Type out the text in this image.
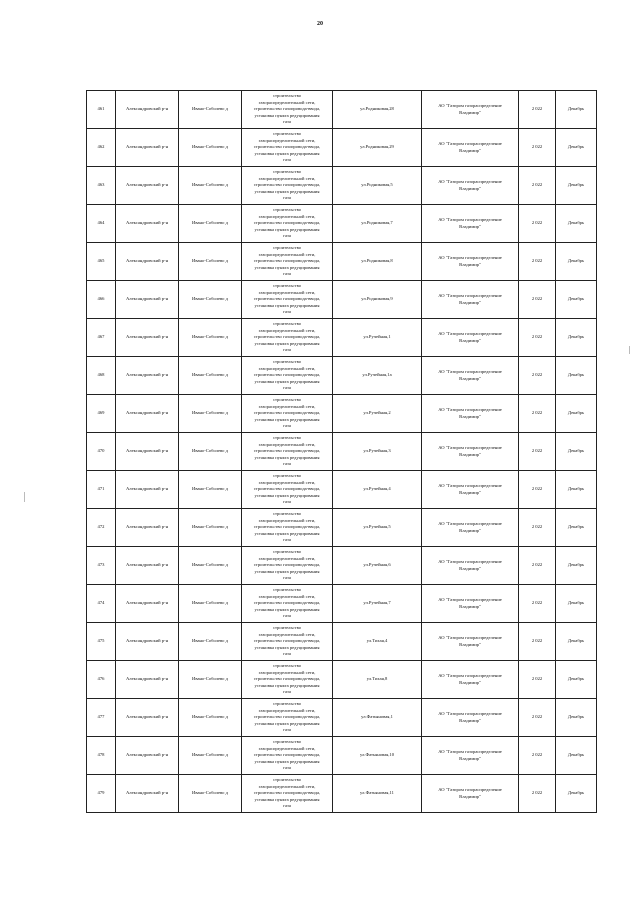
20
461	Александровский р-н	Ивано-Соболево д	строительство
газораспределительной сети,
строительство газопровода-ввода,
установка пункта редуцирования
газа	ул.Родниковая,28	АО "Газпром газораспределение
Владимир"	2 022	Декабрь
462	Александровский р-н	Ивано-Соболево д	строительство
газораспределительной сети,
строительство газопровода-ввода,
установка пункта редуцирования
газа	ул.Родниковая,29	АО "Газпром газораспределение
Владимир"	2 022	Декабрь
463	Александровский р-н	Ивано-Соболево д	строительство
газораспределительной сети,
строительство газопровода-ввода,
установка пункта редуцирования
газа	ул.Родниковая,5	АО "Газпром газораспределение
Владимир"	2 022	Декабрь
464	Александровский р-н	Ивано-Соболево д	строительство
газораспределительной сети,
строительство газопровода-ввода,
установка пункта редуцирования
газа	ул.Родниковая,7	АО "Газпром газораспределение
Владимир"	2 022	Декабрь
465	Александровский р-н	Ивано-Соболево д	строительство
газораспределительной сети,
строительство газопровода-ввода,
установка пункта редуцирования
газа	ул.Родниковая,8	АО "Газпром газораспределение
Владимир"	2 022	Декабрь
466	Александровский р-н	Ивано-Соболево д	строительство
газораспределительной сети,
строительство газопровода-ввода,
установка пункта редуцирования
газа	ул.Родниковая,9	АО "Газпром газораспределение
Владимир"	2 022	Декабрь
467	Александровский р-н	Ивано-Соболево д	строительство
газораспределительной сети,
строительство газопровода-ввода,
установка пункта редуцирования
газа	ул.Ручейная,1	АО "Газпром газораспределение
Владимир"	2 022	Декабрь
468	Александровский р-н	Ивано-Соболево д	строительство
газораспределительной сети,
строительство газопровода-ввода,
установка пункта редуцирования
газа	ул.Ручейная,1а	АО "Газпром газораспределение
Владимир"	2 022	Декабрь
469	Александровский р-н	Ивано-Соболево д	строительство
газораспределительной сети,
строительство газопровода-ввода,
установка пункта редуцирования
газа	ул.Ручейная,2	АО "Газпром газораспределение
Владимир"	2 022	Декабрь
470	Александровский р-н	Ивано-Соболево д	строительство
газораспределительной сети,
строительство газопровода-ввода,
установка пункта редуцирования
газа	ул.Ручейная,3	АО "Газпром газораспределение
Владимир"	2 022	Декабрь
471	Александровский р-н	Ивано-Соболево д	строительство
газораспределительной сети,
строительство газопровода-ввода,
установка пункта редуцирования
газа	ул.Ручейная,4	АО "Газпром газораспределение
Владимир"	2 022	Декабрь
472	Александровский р-н	Ивано-Соболево д	строительство
газораспределительной сети,
строительство газопровода-ввода,
установка пункта редуцирования
газа	ул.Ручейная,5	АО "Газпром газораспределение
Владимир"	2 022	Декабрь
473	Александровский р-н	Ивано-Соболево д	строительство
газораспределительной сети,
строительство газопровода-ввода,
установка пункта редуцирования
газа	ул.Ручейная,6	АО "Газпром газораспределение
Владимир"	2 022	Декабрь
474	Александровский р-н	Ивано-Соболево д	строительство
газораспределительной сети,
строительство газопровода-ввода,
установка пункта редуцирования
газа	ул.Ручейная,7	АО "Газпром газораспределение
Владимир"	2 022	Декабрь
475	Александровский р-н	Ивано-Соболево д	строительство
газораспределительной сети,
строительство газопровода-ввода,
установка пункта редуцирования
газа	ул.Тихая,4	АО "Газпром газораспределение
Владимир"	2 022	Декабрь
476	Александровский р-н	Ивано-Соболево д	строительство
газораспределительной сети,
строительство газопровода-ввода,
установка пункта редуцирования
газа	ул.Тихая,8	АО "Газпром газораспределение
Владимир"	2 022	Декабрь
477	Александровский р-н	Ивано-Соболево д	строительство
газораспределительной сети,
строительство газопровода-ввода,
установка пункта редуцирования
газа	ул.Фатьяновая,1	АО "Газпром газораспределение
Владимир"	2 022	Декабрь
478	Александровский р-н	Ивано-Соболево д	строительство
газораспределительной сети,
строительство газопровода-ввода,
установка пункта редуцирования
газа	ул.Фатьяновая,10	АО "Газпром газораспределение
Владимир"	2 022	Декабрь
479	Александровский р-н	Ивано-Соболево д	строительство
газораспределительной сети,
строительство газопровода-ввода,
установка пункта редуцирования
газа	ул.Фатьяновая,11	АО "Газпром газораспределение
Владимир"	2 022	Декабрь
